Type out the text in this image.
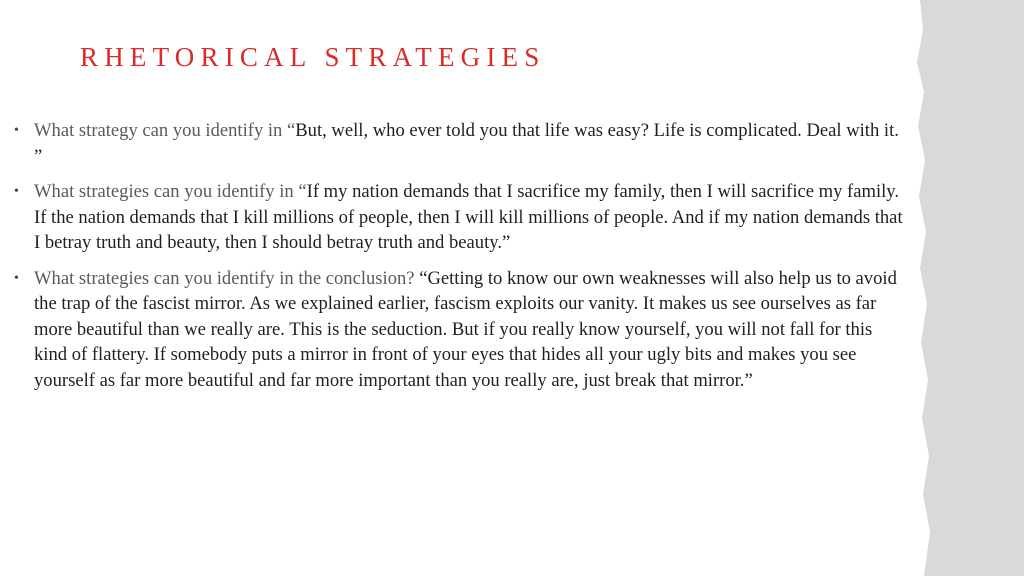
RHETORICAL STRATEGIES
• What strategy can you identify in “But, well, who ever told you that life was easy? Life is complicated. Deal with it. ”
• What strategies can you identify in “If my nation demands that I sacrifice my family, then I will sacrifice my family. If the nation demands that I kill millions of people, then I will kill millions of people. And if my nation demands that I betray truth and beauty, then I should betray truth and beauty.”
• What strategies can you identify in the conclusion? “Getting to know our own weaknesses will also help us to avoid the trap of the fascist mirror. As we explained earlier, fascism exploits our vanity. It makes us see ourselves as far more beautiful than we really are. This is the seduction. But if you really know yourself, you will not fall for this kind of flattery. If somebody puts a mirror in front of your eyes that hides all your ugly bits and makes you see yourself as far more beautiful and far more important than you really are, just break that mirror.”
